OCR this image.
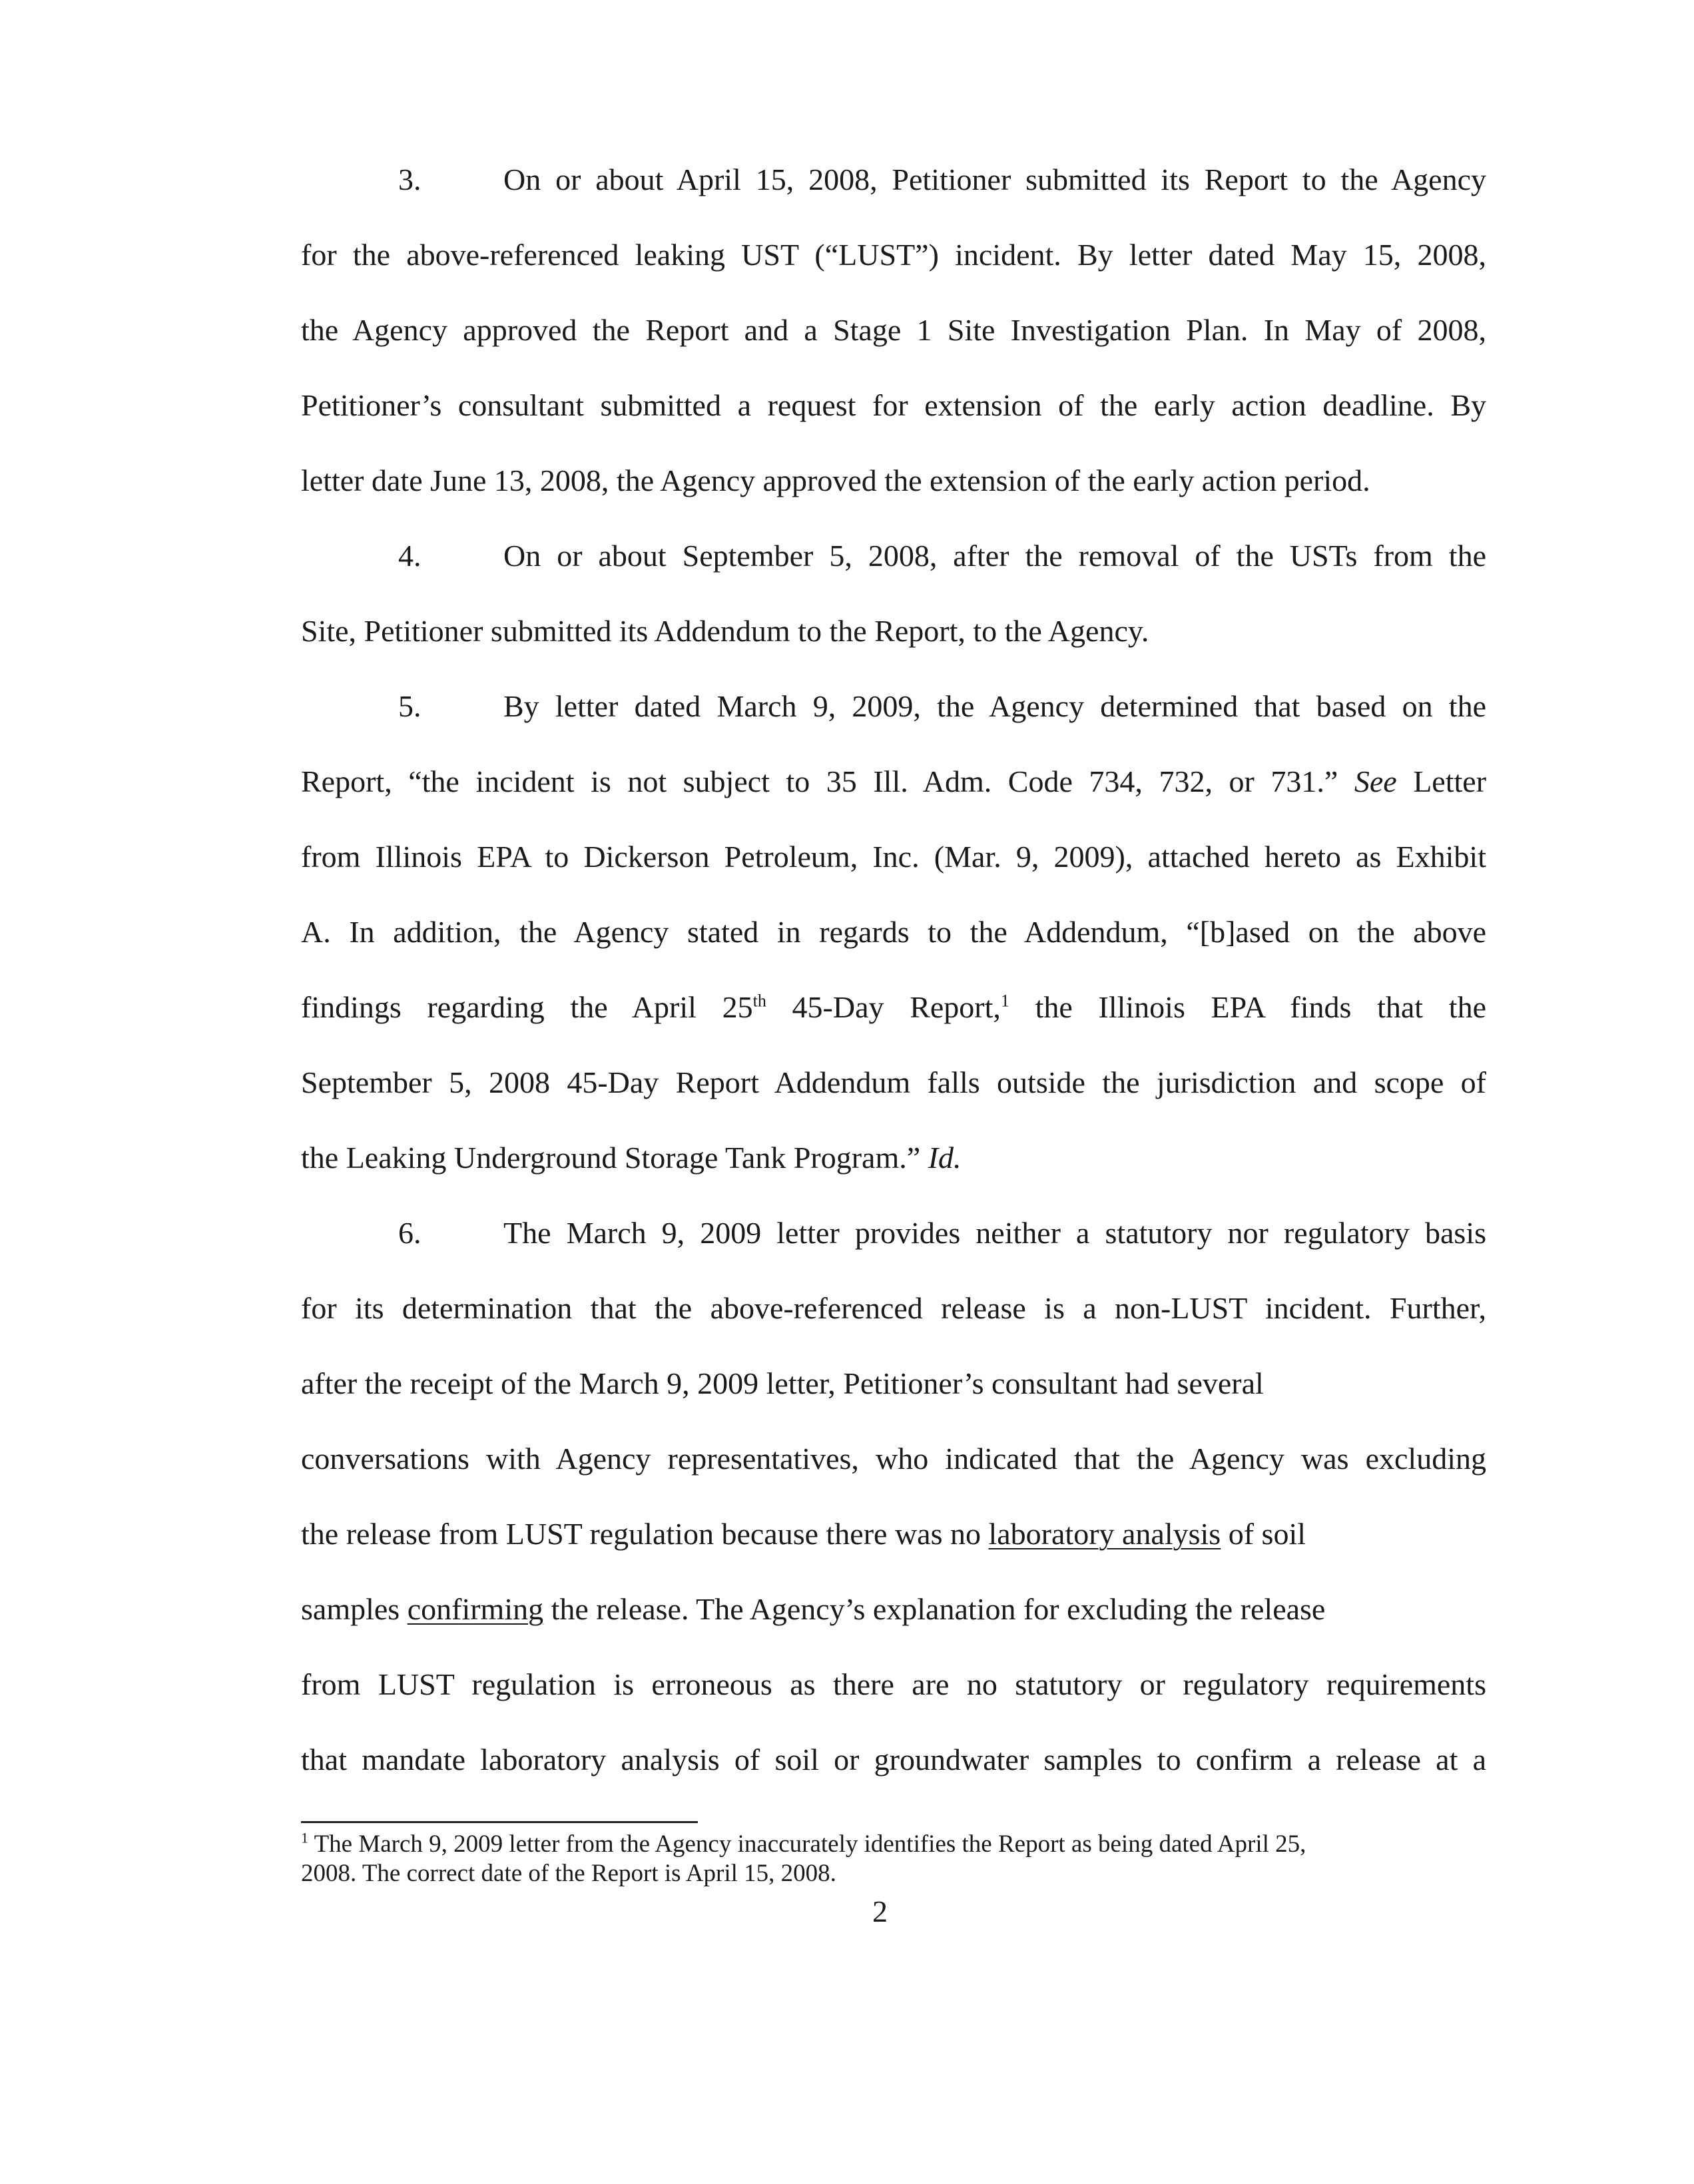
3.	On or about April 15, 2008, Petitioner submitted its Report to the Agency
for the above-referenced leaking UST (“LUST”) incident. By letter dated May 15, 2008,
the Agency approved the Report and a Stage 1 Site Investigation Plan. In May of 2008,
Petitioner’s consultant submitted a request for extension of the early action deadline. By
letter date June 13, 2008, the Agency approved the extension of the early action period.
4.	On or about September 5, 2008, after the removal of the USTs from the
Site, Petitioner submitted its Addendum to the Report, to the Agency.
5.	By letter dated March 9, 2009, the Agency determined that based on the
Report, “the incident is not subject to 35 Ill. Adm. Code 734, 732, or 731.” See Letter
from Illinois EPA to Dickerson Petroleum, Inc. (Mar. 9, 2009), attached hereto as Exhibit
A. In addition, the Agency stated in regards to the Addendum, “[b]ased on the above
findings regarding the April 25th 45-Day Report,$^1$ the Illinois EPA finds that the
September 5, 2008 45-Day Report Addendum falls outside the jurisdiction and scope of
the Leaking Underground Storage Tank Program.” Id.
6.	The March 9, 2009 letter provides neither a statutory nor regulatory basis
for its determination that the above-referenced release is a non-LUST incident. Further,
after the receipt of the March 9, 2009 letter, Petitioner’s consultant had several
conversations with Agency representatives, who indicated that the Agency was excluding
the release from LUST regulation because there was no laboratory analysis of soil
samples confirming the release. The Agency’s explanation for excluding the release
from LUST regulation is erroneous as there are no statutory or regulatory requirements
that mandate laboratory analysis of soil or groundwater samples to confirm a release at a
$^1$ The March 9, 2009 letter from the Agency inaccurately identifies the Report as being dated April 25,
2008. The correct date of the Report is April 15, 2008.
2
